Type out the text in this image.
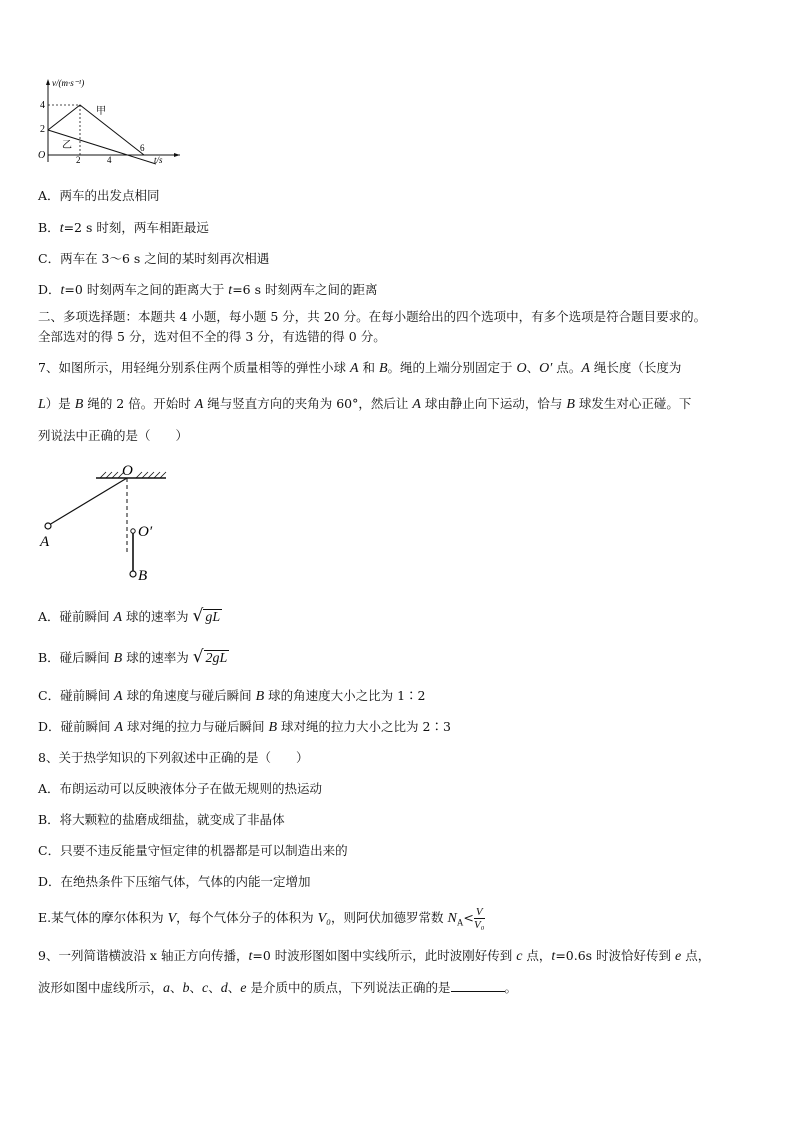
v/(m·s⁻¹)
t/s
O
4
2
2	4
6
甲
乙
A．两车的出发点相同
B．t=2 s 时刻，两车相距最远
C．两车在 3～6 s 之间的某时刻再次相遇
D．t=0 时刻两车之间的距离大于 t=6 s 时刻两车之间的距离
二、多项选择题：本题共 4 小题，每小题 5 分，共 20 分。在每小题给出的四个选项中，有多个选项是符合题目要求的。
全部选对的得 5 分，选对但不全的得 3 分，有选错的得 0 分。
7、如图所示，用轻绳分别系住两个质量相等的弹性小球 A 和 B。绳的上端分别固定于 O、O′ 点。A 绳长度（长度为
L）是 B 绳的 2 倍。开始时 A 绳与竖直方向的夹角为 60°，然后让 A 球由静止向下运动，恰与 B 球发生对心正碰。下
列说法中正确的是（　　）
O
A
O′
B
A．碰前瞬间 A 球的速率为 √ gL
B．碰后瞬间 B 球的速率为 √ 2gL
C．碰前瞬间 A 球的角速度与碰后瞬间 B 球的角速度大小之比为 1∶2
D．碰前瞬间 A 球对绳的拉力与碰后瞬间 B 球对绳的拉力大小之比为 2∶3
8、关于热学知识的下列叙述中正确的是（　　）
A．布朗运动可以反映液体分子在做无规则的热运动
B．将大颗粒的盐磨成细盐，就变成了非晶体
C．只要不违反能量守恒定律的机器都是可以制造出来的
D．在绝热条件下压缩气体，气体的内能一定增加
E.某气体的摩尔体积为 V，每个气体分子的体积为 V₀，则阿伏加德罗常数 $N_A< \frac{V}{\text{V₀}}$
9、一列简谐横波沿 x 轴正方向传播，t=0 时波形图如图中实线所示，此时波刚好传到 c 点，t=0.6s 时波恰好传到 e 点，
波形如图中虚线所示，a、b、c、d、e 是介质中的质点，下列说法正确的是	。
